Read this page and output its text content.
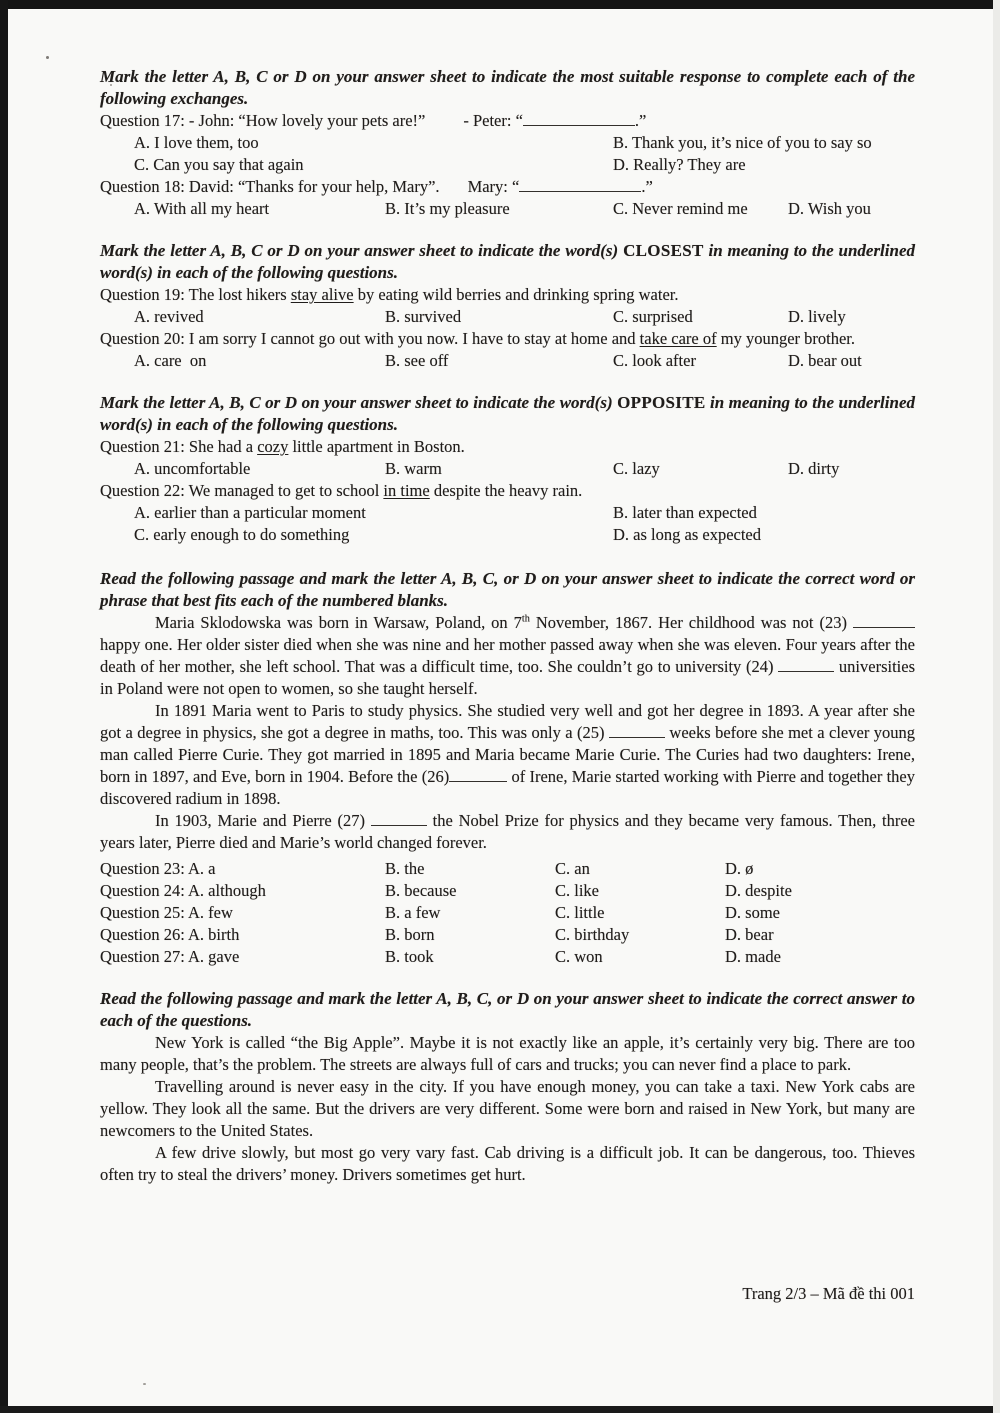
Mark the letter A, B, C or D on your answer sheet to indicate the most suitable response to complete each of the following exchanges.

Question 17: - John: “How lovely your pets are!” - Peter: “	.”

A. I love them, too	B. Thank you, it’s nice of you to say so
C. Can you say that again	D. Really? They are

Question 18: David: “Thanks for your help, Mary”. Mary: “	.”

A. With all my heart	B. It’s my pleasure	C. Never remind me D. Wish you

Mark the letter A, B, C or D on your answer sheet to indicate the word(s) CLOSEST in meaning to the underlined word(s) in each of the following questions.

Question 19: The lost hikers stay alive by eating wild berries and drinking spring water.

A. revived	B. survived	C. surprised	D. lively

Question 20: I am sorry I cannot go out with you now. I have to stay at home and take care of my younger brother.

A. care  on	B. see off	C. look after	D. bear out

Mark the letter A, B, C or D on your answer sheet to indicate the word(s) OPPOSITE in meaning to the underlined word(s) in each of the following questions.

Question 21: She had a cozy little apartment in Boston.

A. uncomfortable	B. warm	C. lazy	D. dirty

Question 22: We managed to get to school in time despite the heavy rain.

A. earlier than a particular moment	B. later than expected
C. early enough to do something	D. as long as expected

Read the following passage and mark the letter A, B, C, or D on your answer sheet to indicate the correct word or phrase that best fits each of the numbered blanks.

Maria Sklodowska was born in Warsaw, Poland, on 7th November, 1867. Her childhood was not (23)  happy one. Her older sister died when she was nine and her mother passed away when she was eleven. Four years after the death of her mother, she left school. That was a difficult time, too. She couldn’t go to university (24)	universities in Poland were not open to women, so she taught herself.

In 1891 Maria went to Paris to study physics. She studied very well and got her degree in 1893. A year after she got a degree in physics, she got a degree in maths, too. This was only a (25)	weeks before she met a clever young man called Pierre Curie. They got married in 1895 and Maria became Marie Curie. The Curies had two daughters: Irene, born in 1897, and Eve, born in 1904. Before the (26)	of Irene, Marie started working with Pierre and together they discovered radium in 1898.

In 1903, Marie and Pierre (27)	the Nobel Prize for physics and they became very famous. Then, three years later, Pierre died and Marie’s world changed forever.

Question 23: A. a	B. the	C. an	D. ø
Question 24: A. although	B. because	C. like	D. despite
Question 25: A. few	B. a few	C. little	D. some
Question 26: A. birth	B. born	C. birthday	D. bear
Question 27: A. gave	B. took	C. won	D. made

Read the following passage and mark the letter A, B, C, or D on your answer sheet to indicate the correct answer to each of the questions.

New York is called “the Big Apple”. Maybe it is not exactly like an apple, it’s certainly very big. There are too many people, that’s the problem. The streets are always full of cars and trucks; you can never find a place to park.

Travelling around is never easy in the city. If you have enough money, you can take a taxi. New York cabs are yellow. They look all the same. But the drivers are very different. Some were born and raised in New York, but many are newcomers to the United States.

A few drive slowly, but most go very vary fast. Cab driving is a difficult job. It can be dangerous, too. Thieves often try to steal the drivers’ money. Drivers sometimes get hurt.

Trang 2/3 – Mã đề thi 001
